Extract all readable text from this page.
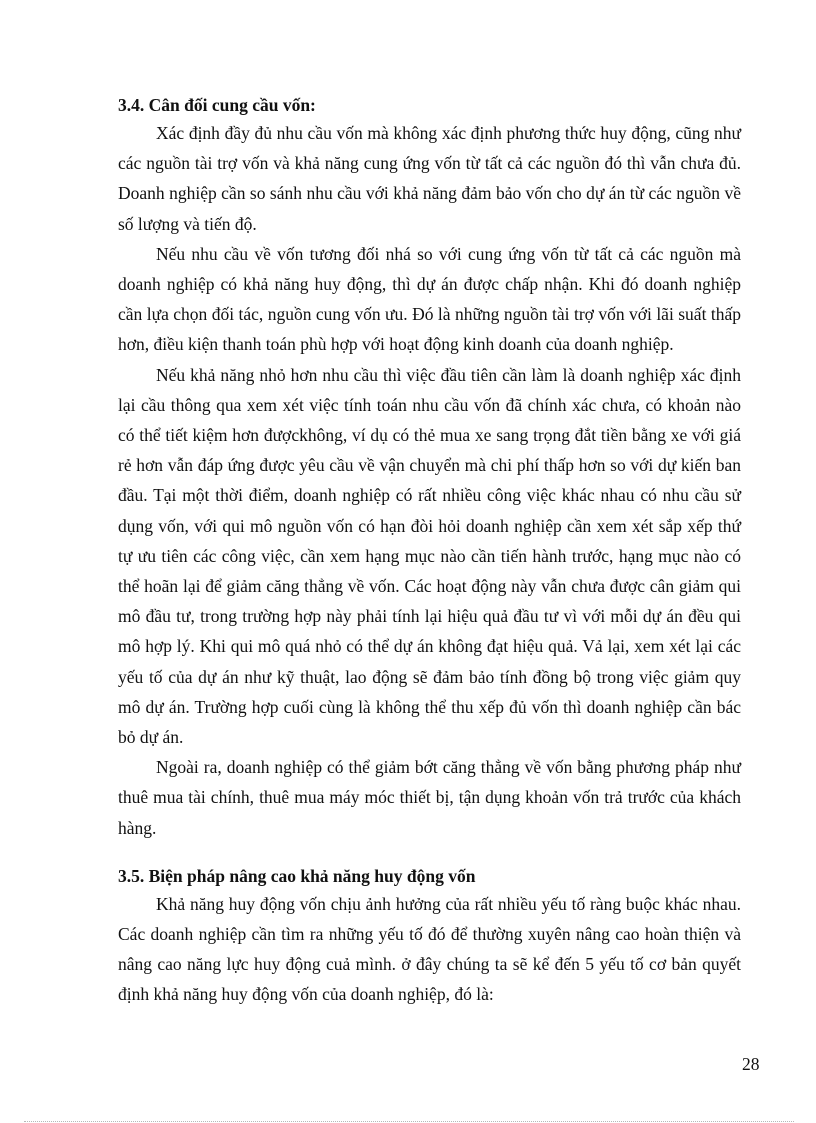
3.4. Cân đối cung cầu vốn:

Xác định đầy đủ nhu cầu vốn mà không xác định phương thức huy động, cũng như các nguồn tài trợ vốn và khả năng cung ứng vốn từ tất cả các nguồn đó thì vẫn chưa đủ. Doanh nghiệp cần so sánh nhu cầu với khả năng đảm bảo vốn cho dự án từ các nguồn về số lượng và tiến độ.

Nếu nhu cầu về vốn tương đối nhá so với cung ứng vốn từ tất cả các nguồn mà doanh nghiệp có khả năng huy động, thì dự án được chấp nhận. Khi đó doanh nghiệp cần lựa chọn đối tác, nguồn cung vốn ưu. Đó là những nguồn tài trợ vốn với lãi suất thấp hơn, điều kiện thanh toán phù hợp với hoạt động kinh doanh của doanh nghiệp.

Nếu khả năng nhỏ hơn nhu cầu thì việc đầu tiên cần làm là doanh nghiệp xác định lại cầu thông qua xem xét việc tính toán nhu cầu vốn đã chính xác chưa, có khoản nào có thể tiết kiệm hơn đượckhông, ví dụ có thẻ mua xe sang trọng đắt tiền bằng xe với giá rẻ hơn vẫn đáp ứng được yêu cầu về vận chuyển mà chi phí thấp hơn so với dự kiến ban đầu. Tại một thời điểm, doanh nghiệp có rất nhiều công việc khác nhau có nhu cầu sử dụng vốn, với qui mô nguồn vốn có hạn đòi hỏi doanh nghiệp cần xem xét sắp xếp thứ tự ưu tiên các công việc, cần xem hạng mục nào cần tiến hành trước, hạng mục nào có thể hoãn lại để giảm căng thẳng về vốn. Các hoạt động này vẫn chưa được cân giảm qui mô đầu tư, trong trường hợp này phải tính lại hiệu quả đầu tư vì với mỗi dự án đều qui mô hợp lý. Khi qui mô quá nhỏ có thể dự án không đạt hiệu quả. Vả lại, xem xét lại các yếu tố của dự án như kỹ thuật, lao động sẽ đảm bảo tính đồng bộ trong việc giảm quy mô dự án. Trường hợp cuối cùng là không thể thu xếp đủ vốn thì doanh nghiệp cần bác bỏ dự án.

Ngoài ra, doanh nghiệp có thể giảm bớt căng thẳng về vốn bằng phương pháp như thuê mua tài chính, thuê mua máy móc thiết bị, tận dụng khoản vốn trả trước của khách hàng.

3.5. Biện pháp nâng cao khả năng huy động vốn

Khả năng huy động vốn chịu ảnh hưởng của rất nhiều yếu tố ràng buộc khác nhau. Các doanh nghiệp cần tìm ra những yếu tố đó để thường xuyên nâng cao hoàn thiện và nâng cao năng lực huy động cuả mình. ở đây chúng ta sẽ kể đến 5 yếu tố cơ bản quyết định khả năng huy động vốn của doanh nghiệp, đó là:

28
